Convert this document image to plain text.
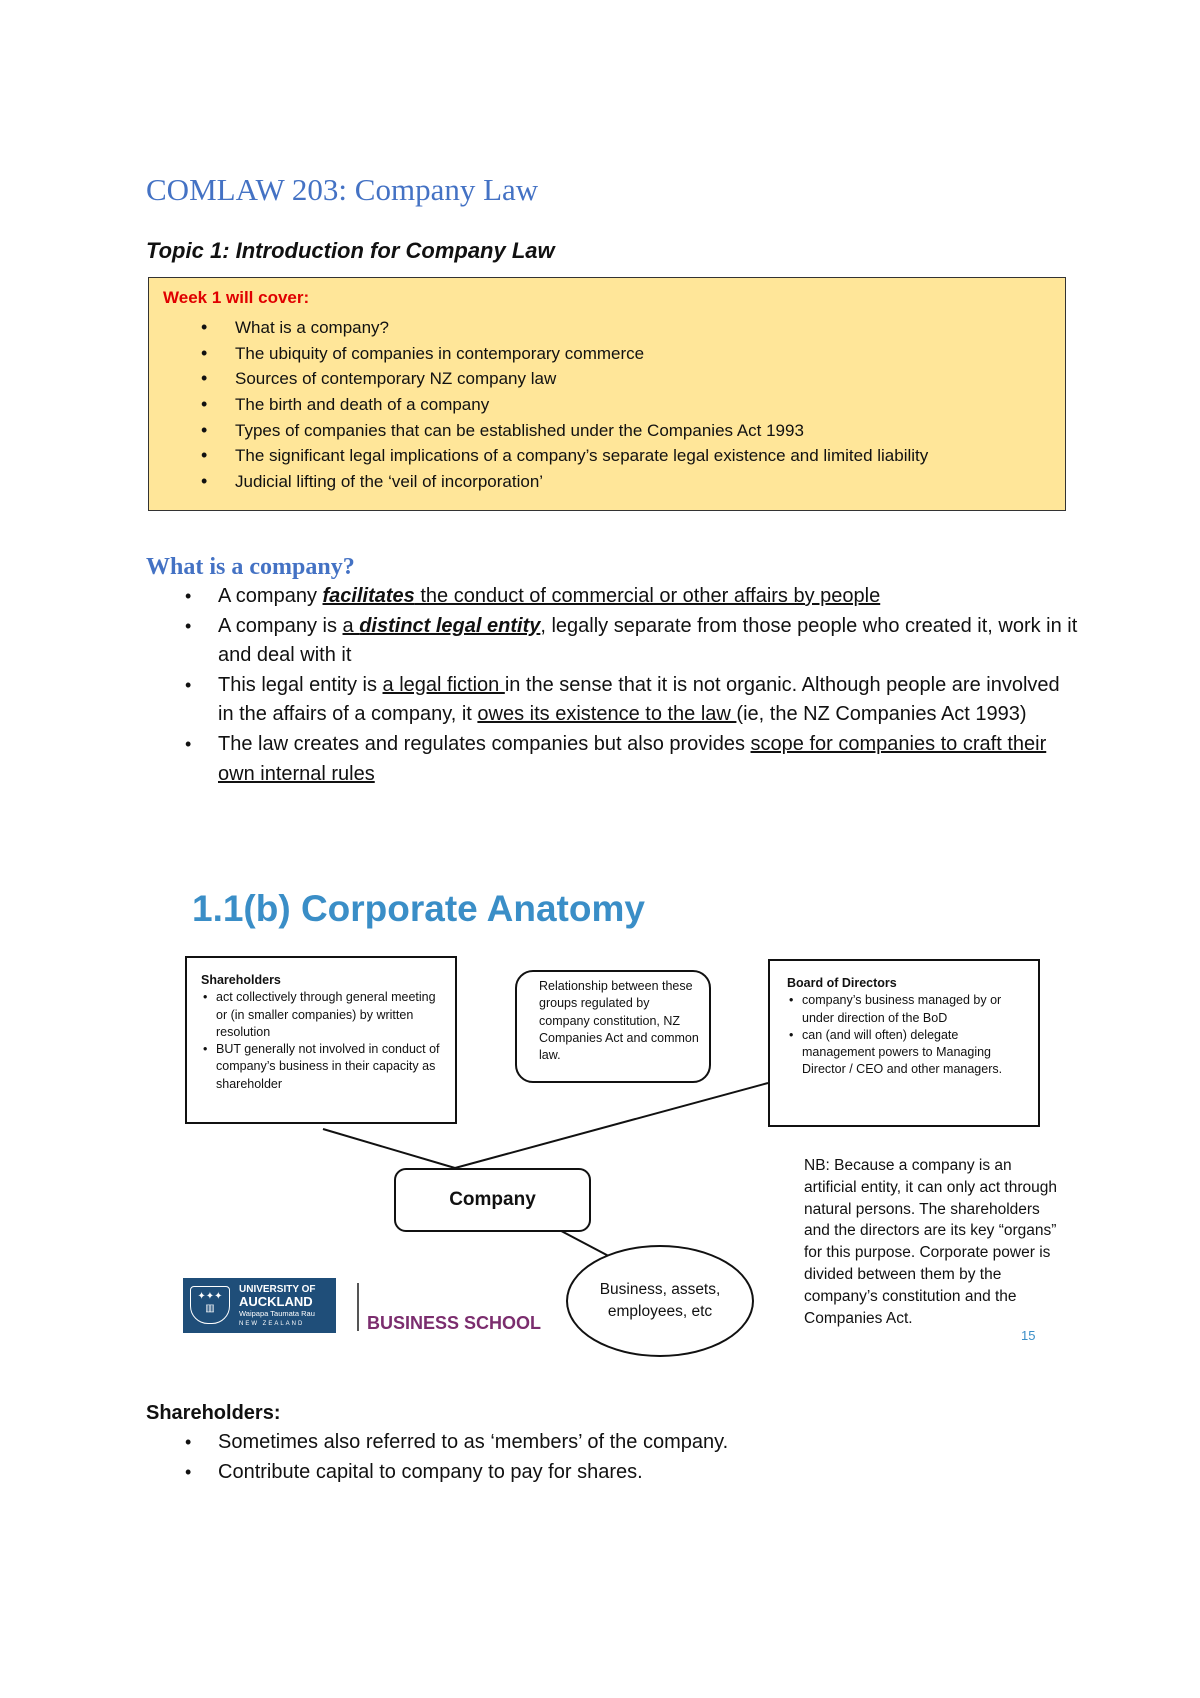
COMLAW 203: Company Law
Topic 1: Introduction for Company Law
Week 1 will cover:
• What is a company?
• The ubiquity of companies in contemporary commerce
• Sources of contemporary NZ company law
• The birth and death of a company
• Types of companies that can be established under the Companies Act 1993
• The significant legal implications of a company’s separate legal existence and limited liability
• Judicial lifting of the ‘veil of incorporation’
What is a company?
• A company facilitates the conduct of commercial or other affairs by people
• A company is a distinct legal entity, legally separate from those people who created it, work in it and deal with it
• This legal entity is a legal fiction in the sense that it is not organic. Although people are involved in the affairs of a company, it owes its existence to the law (ie, the NZ Companies Act 1993)
• The law creates and regulates companies but also provides scope for companies to craft their own internal rules
1.1(b) Corporate Anatomy
Shareholders
• act collectively through general meeting or (in smaller companies) by written resolution
• BUT generally not involved in conduct of company’s business in their capacity as shareholder
Relationship between these groups regulated by company constitution, NZ Companies Act and common law.
Board of Directors
• company’s business managed by or under direction of the BoD
• can (and will often) delegate management powers to Managing Director / CEO and other managers.
Company
Business, assets, employees, etc
NB: Because a company is an artificial entity, it can only act through natural persons. The shareholders and the directors are its key “organs” for this purpose. Corporate power is divided between them by the company’s constitution and the Companies Act.
15
✦✦✦
▥
UNIVERSITY OF
AUCKLAND
Waipapa Taumata Rau
NEW ZEALAND	BUSINESS SCHOOL
Shareholders:
• Sometimes also referred to as ‘members’ of the company.
• Contribute capital to company to pay for shares.
